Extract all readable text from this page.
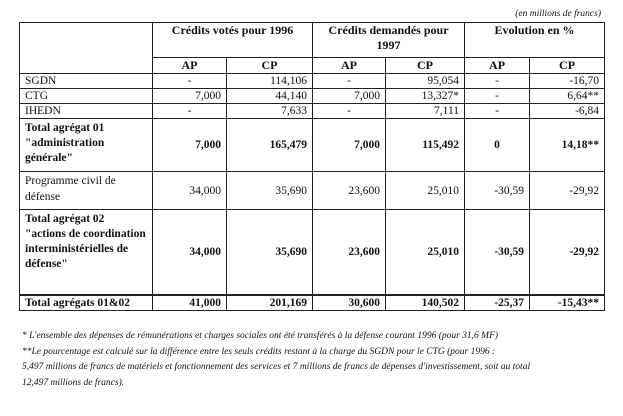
(en millions de francs)
	Crédits votés pour 1996		Crédits demandés pour 1997		Evolution en %	
	AP	CP	AP	CP	AP	CP
SGDN	-	114,106	-	95,054	-	-16,70
CTG	7,000	44,140	7,000	13,327*	-	6,64**
IHEDN	-	7,633	-	7,111	-	-6,84
Total agrégat 01 "administration générale"	7,000	165,479	7,000	115,492	0	14,18**
Programme civil de défense	34,000	35,690	23,600	25,010	-30,59	-29,92
Total agrégat 02 "actions de coordination interministérielles de défense"	34,000	35,690	23,600	25,010	-30,59	-29,92
Total agrégats 01&02	41,000	201,169	30,600	140,502	-25,37	-15,43**

* L'ensemble des dépenses de rémunérations et charges sociales ont été transférés à la défense courant 1996 (pour 31,6 MF)

**Le pourcentage est calculé sur la différence entre les seuls crédits restant à la charge du SGDN pour le CTG (pour 1996 :

5,497 millions de francs de matériels et fonctionnement des services et 7 millions de francs de dépenses d'investissement, soit au total

12,497 millions de francs).
